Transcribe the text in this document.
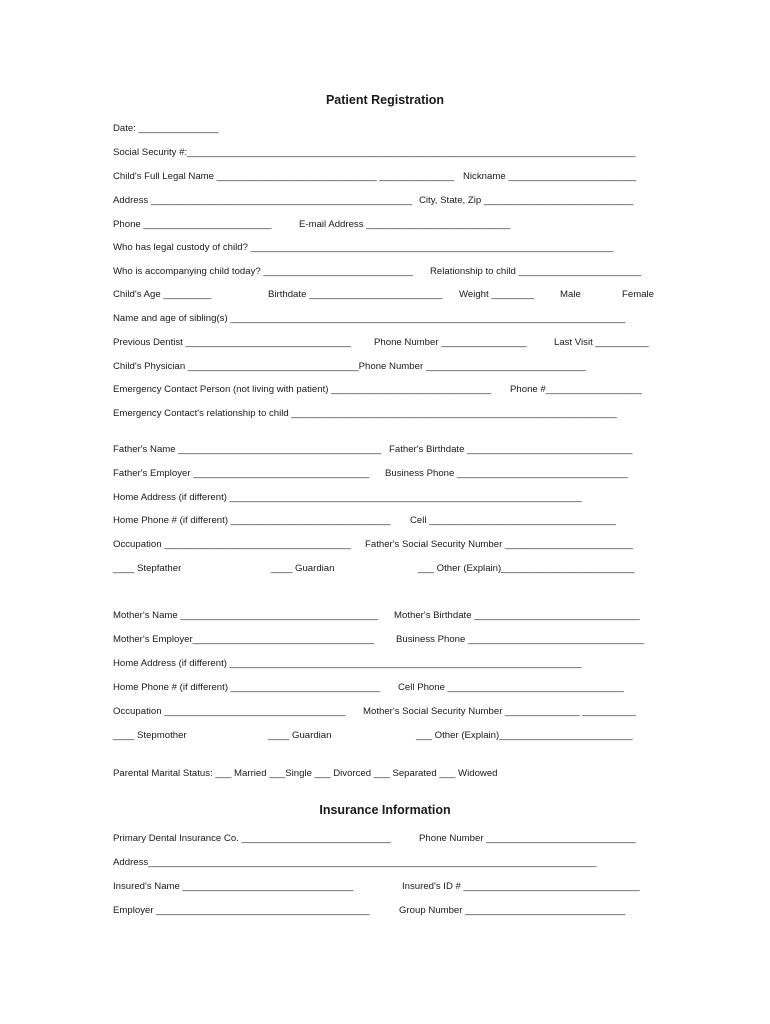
Patient Registration
Date: _______________
Social Security #:____________________________________________________________________________________
Child's Full Legal Name ______________________________ ______________ Nickname ________________________
Address _________________________________________________ City, State, Zip ____________________________
Phone ________________________	E-mail Address ___________________________
Who has legal custody of child? ____________________________________________________________________
Who is accompanying child today? ____________________________ Relationship to child _______________________
Child's Age _________	Birthdate _________________________ Weight ________	Male	Female
Name and age of sibling(s) __________________________________________________________________________
Previous Dentist _______________________________ Phone Number ________________	Last Visit __________
Child's Physician ________________________________Phone Number ______________________________
Emergency Contact Person (not living with patient) ______________________________ Phone #__________________
Emergency Contact's relationship to child _____________________________________________________________
Father's Name ______________________________________ Father's Birthdate _______________________________
Father's Employer _________________________________ Business Phone ________________________________
Home Address (if different) __________________________________________________________________
Home Phone # (if different) ______________________________ Cell ___________________________________
Occupation ___________________________________ Father's Social Security Number ________________________
____ Stepfather	____ Guardian	___ Other (Explain)_________________________
Mother's Name _____________________________________ Mother's Birthdate _______________________________
Mother's Employer__________________________________ Business Phone _________________________________
Home Address (if different) __________________________________________________________________
Home Phone # (if different) ____________________________ Cell Phone _________________________________
Occupation __________________________________ Mother's Social Security Number ______________ __________
____ Stepmother	____ Guardian	___ Other (Explain)_________________________
Parental Marital Status: ___ Married ___Single ___ Divorced ___ Separated ___ Widowed
Insurance Information
Primary Dental Insurance Co. ____________________________	Phone Number ____________________________
Address____________________________________________________________________________________
Insured's Name ________________________________	Insured's ID # _________________________________
Employer ________________________________________	Group Number ______________________________
